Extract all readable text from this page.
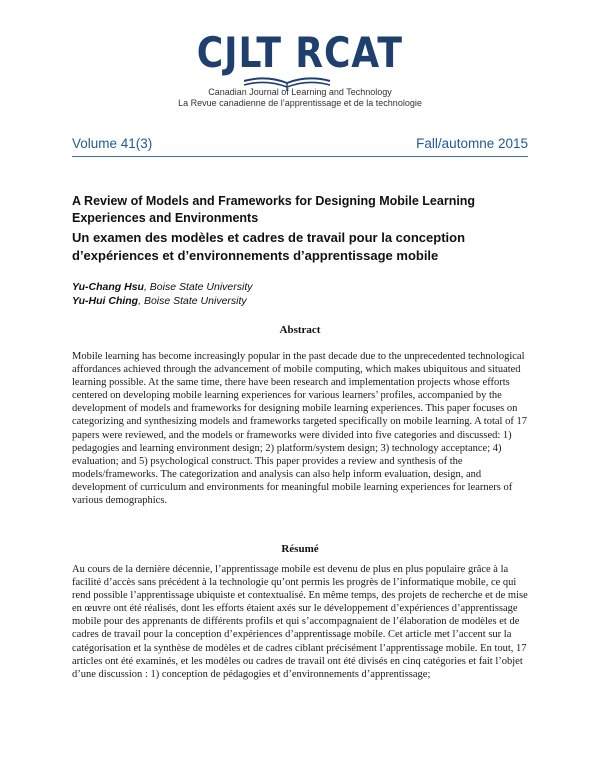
CJLT RCAT
Canadian Journal of Learning and Technology
La Revue canadienne de l’apprentissage et de la technologie
Volume 41(3)	Fall/automne 2015
A Review of Models and Frameworks for Designing Mobile Learning Experiences and Environments
Un examen des modèles et cadres de travail pour la conception d’expériences et d’environnements d’apprentissage mobile
Yu-Chang Hsu, Boise State University
Yu-Hui Ching, Boise State University
Abstract
Mobile learning has become increasingly popular in the past decade due to the unprecedented technological affordances achieved through the advancement of mobile computing, which makes ubiquitous and situated learning possible. At the same time, there have been research and implementation projects whose efforts centered on developing mobile learning experiences for various learners’ profiles, accompanied by the development of models and frameworks for designing mobile learning experiences. This paper focuses on categorizing and synthesizing models and frameworks targeted specifically on mobile learning. A total of 17 papers were reviewed, and the models or frameworks were divided into five categories and discussed: 1) pedagogies and learning environment design; 2) platform/system design; 3) technology acceptance; 4) evaluation; and 5) psychological construct. This paper provides a review and synthesis of the models/frameworks. The categorization and analysis can also help inform evaluation, design, and development of curriculum and environments for meaningful mobile learning experiences for learners of various demographics.
Résumé
Au cours de la dernière décennie, l’apprentissage mobile est devenu de plus en plus populaire grâce à la facilité d’accès sans précédent à la technologie qu’ont permis les progrès de l’informatique mobile, ce qui rend possible l’apprentissage ubiquiste et contextualisé. En même temps, des projets de recherche et de mise en œuvre ont été réalisés, dont les efforts étaient axés sur le développement d’expériences d’apprentissage mobile pour des apprenants de différents profils et qui s’accompagnaient de l’élaboration de modèles et de cadres de travail pour la conception d’expériences d’apprentissage mobile. Cet article met l’accent sur la catégorisation et la synthèse de modèles et de cadres ciblant précisément l’apprentissage mobile. En tout, 17 articles ont été examinés, et les modèles ou cadres de travail ont été divisés en cinq catégories et fait l’objet d’une discussion : 1) conception de pédagogies et d’environnements d’apprentissage;
